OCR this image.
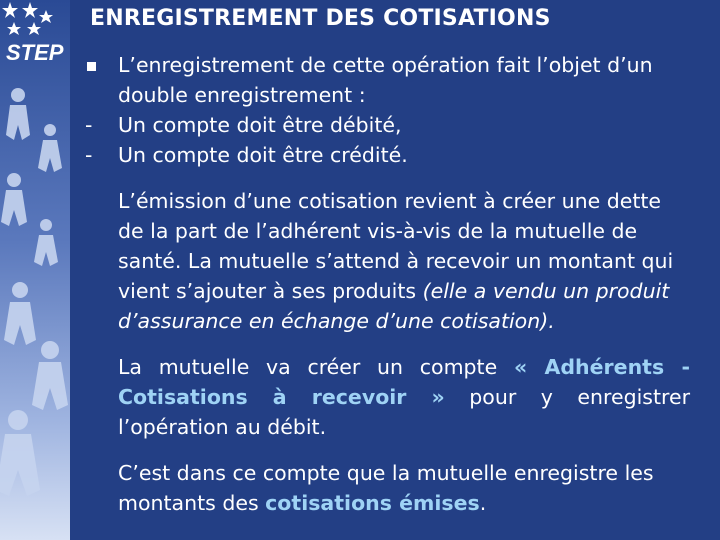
STEP
ENREGISTREMENT DES COTISATIONS
L’enregistrement de cette opération fait l’objet d’un
double enregistrement :
-	Un compte doit être débité,
-	Un compte doit être crédité.
L’émission d’une cotisation revient à créer une dette de la part de l’adhérent vis-à-vis de la mutuelle de santé. La mutuelle s’attend à recevoir un montant qui vient s’ajouter à ses produits (elle a vendu un produit d’assurance en échange d’une cotisation).
La mutuelle va créer un compte « Adhérents - Cotisations à recevoir » pour y enregistrer l’opération au débit.
C’est dans ce compte que la mutuelle enregistre les montants des cotisations émises.
